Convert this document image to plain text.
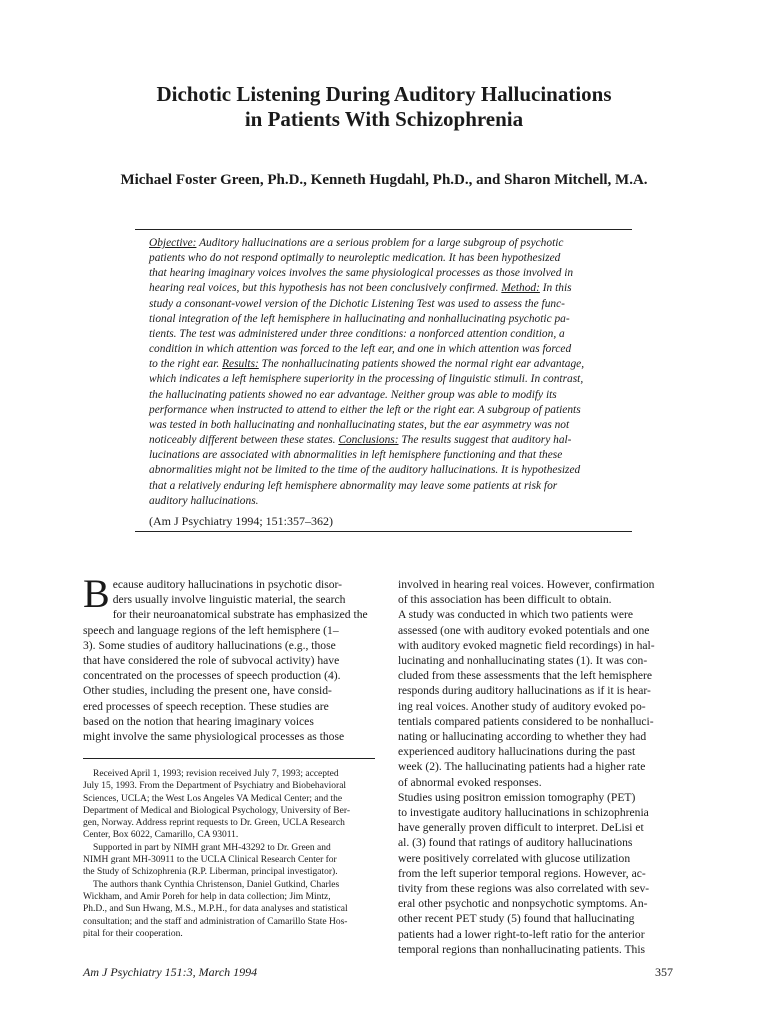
Dichotic Listening During Auditory Hallucinations
in Patients With Schizophrenia
Michael Foster Green, Ph.D., Kenneth Hugdahl, Ph.D., and Sharon Mitchell, M.A.
Objective: Auditory hallucinations are a serious problem for a large subgroup of psychotic
patients who do not respond optimally to neuroleptic medication. It has been hypothesized
that hearing imaginary voices involves the same physiological processes as those involved in
hearing real voices, but this hypothesis has not been conclusively confirmed. Method: In this
study a consonant-vowel version of the Dichotic Listening Test was used to assess the func-
tional integration of the left hemisphere in hallucinating and nonhallucinating psychotic pa-
tients. The test was administered under three conditions: a nonforced attention condition, a
condition in which attention was forced to the left ear, and one in which attention was forced
to the right ear. Results: The nonhallucinating patients showed the normal right ear advantage,
which indicates a left hemisphere superiority in the processing of linguistic stimuli. In contrast,
the hallucinating patients showed no ear advantage. Neither group was able to modify its
performance when instructed to attend to either the left or the right ear. A subgroup of patients
was tested in both hallucinating and nonhallucinating states, but the ear asymmetry was not
noticeably different between these states. Conclusions: The results suggest that auditory hal-
lucinations are associated with abnormalities in left hemisphere functioning and that these
abnormalities might not be limited to the time of the auditory hallucinations. It is hypothesized
that a relatively enduring left hemisphere abnormality may leave some patients at risk for
auditory hallucinations.
(Am J Psychiatry 1994; 151:357–362)
Because auditory hallucinations in psychotic disor-
ders usually involve linguistic material, the search
for their neuroanatomical substrate has emphasized the
speech and language regions of the left hemisphere (1–
3). Some studies of auditory hallucinations (e.g., those
that have considered the role of subvocal activity) have
concentrated on the processes of speech production (4).
Other studies, including the present one, have consid-
ered processes of speech reception. These studies are
based on the notion that hearing imaginary voices
might involve the same physiological processes as those

Received April 1, 1993; revision received July 7, 1993; accepted
July 15, 1993. From the Department of Psychiatry and Biobehavioral
Sciences, UCLA; the West Los Angeles VA Medical Center; and the
Department of Medical and Biological Psychology, University of Ber-
gen, Norway. Address reprint requests to Dr. Green, UCLA Research
Center, Box 6022, Camarillo, CA 93011.

Supported in part by NIMH grant MH-43292 to Dr. Green and
NIMH grant MH-30911 to the UCLA Clinical Research Center for
the Study of Schizophrenia (R.P. Liberman, principal investigator).

The authors thank Cynthia Christenson, Daniel Gutkind, Charles
Wickham, and Amir Poreh for help in data collection; Jim Mintz,
Ph.D., and Sun Hwang, M.S., M.P.H., for data analyses and statistical
consultation; and the staff and administration of Camarillo State Hos-
pital for their cooperation.

involved in hearing real voices. However, confirmation
of this association has been difficult to obtain.
A study was conducted in which two patients were
assessed (one with auditory evoked potentials and one
with auditory evoked magnetic field recordings) in hal-
lucinating and nonhallucinating states (1). It was con-
cluded from these assessments that the left hemisphere
responds during auditory hallucinations as if it is hear-
ing real voices. Another study of auditory evoked po-
tentials compared patients considered to be nonhalluci-
nating or hallucinating according to whether they had
experienced auditory hallucinations during the past
week (2). The hallucinating patients had a higher rate
of abnormal evoked responses.
Studies using positron emission tomography (PET)
to investigate auditory hallucinations in schizophrenia
have generally proven difficult to interpret. DeLisi et
al. (3) found that ratings of auditory hallucinations
were positively correlated with glucose utilization
from the left superior temporal regions. However, ac-
tivity from these regions was also correlated with sev-
eral other psychotic and nonpsychotic symptoms. An-
other recent PET study (5) found that hallucinating
patients had a lower right-to-left ratio for the anterior
temporal regions than nonhallucinating patients. This
Am J Psychiatry 151:3, March 1994	357
